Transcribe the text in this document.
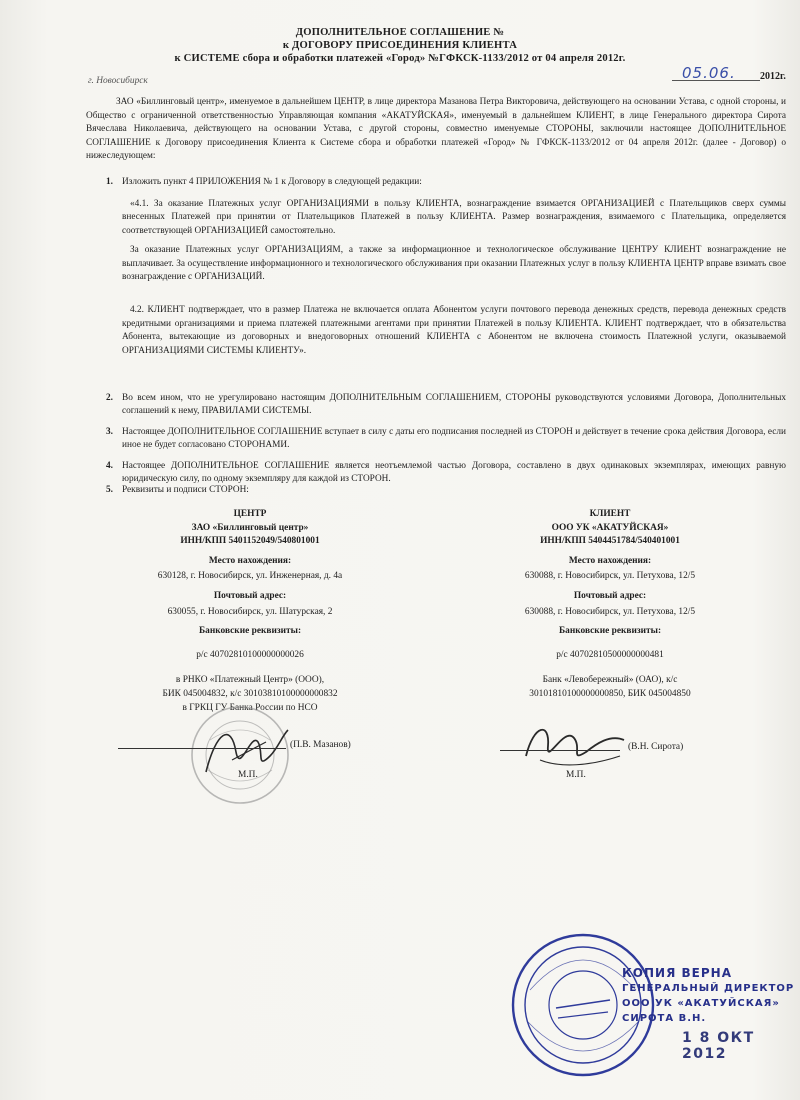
ДОПОЛНИТЕЛЬНОЕ СОГЛАШЕНИЕ №
к ДОГОВОРУ ПРИСОЕДИНЕНИЯ КЛИЕНТА
к СИСТЕМЕ сбора и обработки платежей «Город» №ГФКСК-1133/2012 от 04 апреля 2012г.
г. Новосибирск	05.06. 2012г.

ЗАО «Биллинговый центр», именуемое в дальнейшем ЦЕНТР, в лице директора Мазанова Петра Викторовича, действующего на основании Устава, с одной стороны, и Общество с ограниченной ответственностью Управляющая компания «АКАТУЙСКАЯ», именуемый в дальнейшем КЛИЕНТ, в лице Генерального директора Сирота Вячеслава Николаевича, действующего на основании Устава, с другой стороны, совместно именуемые СТОРОНЫ, заключили настоящее ДОПОЛНИТЕЛЬНОЕ СОГЛАШЕНИЕ к Договору присоединения Клиента к Системе сбора и обработки платежей «Город» № ГФКСК-1133/2012 от 04 апреля 2012г. (далее - Договор) о нижеследующем:

1. Изложить пункт 4 ПРИЛОЖЕНИЯ № 1 к Договору в следующей редакции:

«4.1. За оказание Платежных услуг ОРГАНИЗАЦИЯМИ в пользу КЛИЕНТА, вознаграждение взимается ОРГАНИЗАЦИЕЙ с Плательщиков сверх суммы внесенных Платежей при принятии от Плательщиков Платежей в пользу КЛИЕНТА. Размер вознаграждения, взимаемого с Плательщика, определяется соответствующей ОРГАНИЗАЦИЕЙ самостоятельно.

За оказание Платежных услуг ОРГАНИЗАЦИЯМ, а также за информационное и технологическое обслуживание ЦЕНТРУ КЛИЕНТ вознаграждение не выплачивает. За осуществление информационного и технологического обслуживания при оказании Платежных услуг в пользу КЛИЕНТА ЦЕНТР вправе взимать свое вознаграждение с ОРГАНИЗАЦИЙ.

4.2. КЛИЕНТ подтверждает, что в размер Платежа не включается оплата Абонентом услуги почтового перевода денежных средств, перевода денежных средств кредитными организациями и приема платежей платежными агентами при принятии Платежей в пользу КЛИЕНТА. КЛИЕНТ подтверждает, что в обязательства Абонента, вытекающие из договорных и внедоговорных отношений КЛИЕНТА с Абонентом не включена стоимость Платежной услуги, оказываемой ОРГАНИЗАЦИЯМИ СИСТЕМЫ КЛИЕНТУ».

2. Во всем ином, что не урегулировано настоящим ДОПОЛНИТЕЛЬНЫМ СОГЛАШЕНИЕМ, СТОРОНЫ руководствуются условиями Договора, Дополнительных соглашений к нему, ПРАВИЛАМИ СИСТЕМЫ.
3. Настоящее ДОПОЛНИТЕЛЬНОЕ СОГЛАШЕНИЕ вступает в силу с даты его подписания последней из СТОРОН и действует в течение срока действия Договора, если иное не будет согласовано СТОРОНАМИ.
4. Настоящее ДОПОЛНИТЕЛЬНОЕ СОГЛАШЕНИЕ является неотъемлемой частью Договора, составлено в двух одинаковых экземплярах, имеющих равную юридическую силу, по одному экземпляру для каждой из СТОРОН.
5. Реквизиты и подписи СТОРОН:
ЦЕНТР
ЗАО «Биллинговый центр»
ИНН/КПП 5401152049/540801001
Место нахождения:
630128, г. Новосибирск, ул. Инженерная, д. 4а
Почтовый адрес:
630055, г. Новосибирск, ул. Шатурская, 2
Банковские реквизиты:
р/с 40702810100000000026
в РНКО «Платежный Центр» (ООО),
БИК 045004832, к/с 30103810100000000832
в ГРКЦ ГУ Банка России по НСО
КЛИЕНТ
ООО УК «АКАТУЙСКАЯ»
ИНН/КПП 5404451784/540401001
Место нахождения:
630088, г. Новосибирск, ул. Петухова, 12/5
Почтовый адрес:
630088, г. Новосибирск, ул. Петухова, 12/5
Банковские реквизиты:
р/с 40702810500000000481
Банк «Левобережный» (ОАО), к/с
30101810100000000850, БИК 045004850
(П.В. Мазанов)
М.П.
(В.Н. Сирота)
М.П.
КОПИЯ ВЕРНА
ГЕНЕРАЛЬНЫЙ ДИРЕКТОР
ООО УК «АКАТУЙСКАЯ»
СИРОТА В.Н.
1 8 ОКТ 2012
